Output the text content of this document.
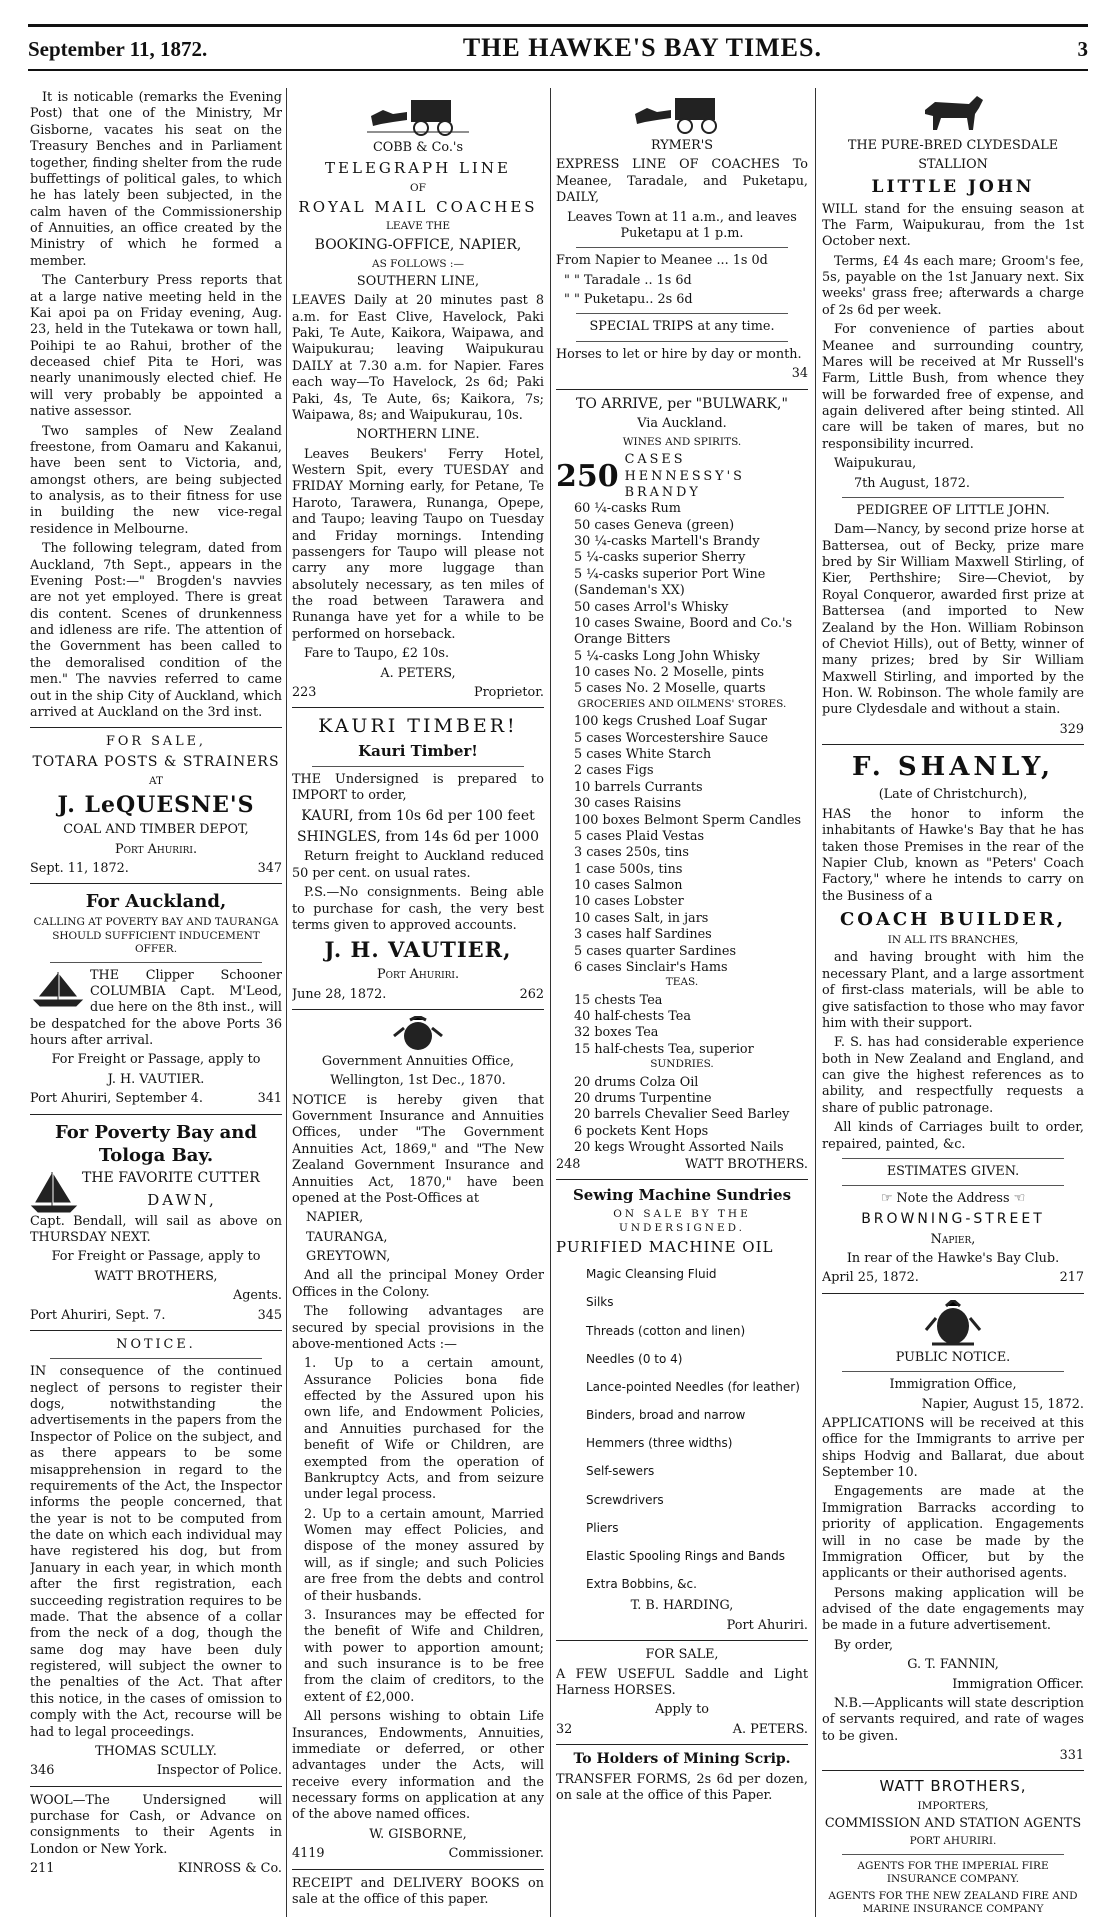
September 11, 1872.	THE HAWKE'S BAY TIMES.	3

It is noticable (remarks the Evening Post) that one of the Ministry, Mr Gisborne, vacates his seat on the Treasury Benches and in Parliament together, finding shelter from the rude buffettings of political gales, to which he has lately been subjected, in the calm haven of the Commissionership of Annuities, an office created by the Ministry of which he formed a member.

The Canterbury Press reports that at a large native meeting held in the Kai apoi pa on Friday evening, Aug. 23, held in the Tutekawa or town hall, Poihipi te ao Rahui, brother of the deceased chief Pita te Hori, was nearly unanimously elected chief. He will very probably be appointed a native assessor.

Two samples of New Zealand freestone, from Oamaru and Kakanui, have been sent to Victoria, and, amongst others, are being subjected to analysis, as to their fitness for use in building the new vice-regal residence in Melbourne.

The following telegram, dated from Auckland, 7th Sept., appears in the Evening Post:—" Brogden's navvies are not yet employed. There is great dis content. Scenes of drunkenness and idleness are rife. The attention of the Government has been called to the demoralised condition of the men." The navvies referred to came out in the ship City of Auckland, which arrived at Auckland on the 3rd inst.

FOR SALE,

TOTARA POSTS & STRAINERS

AT

J. LeQUESNE'S

COAL AND TIMBER DEPOT,

Port Ahuriri.

Sept. 11, 1872.	347

For Auckland,

CALLING AT POVERTY BAY AND TAURANGA SHOULD SUFFICIENT INDUCEMENT OFFER.

THE Clipper Schooner COLUMBIA Capt. M'Leod, due here on the 8th inst., will be despatched for the above Ports 36 hours after arrival.

For Freight or Passage, apply to

J. H. VAUTIER.

Port Ahuriri, September 4.	341

For Poverty Bay and Tologa Bay.

THE FAVORITE CUTTER

DAWN,

Capt. Bendall, will sail as above on THURSDAY NEXT.

For Freight or Passage, apply to

WATT BROTHERS,

Agents.

Port Ahuriri, Sept. 7.	345

NOTICE.

IN consequence of the continued neglect of persons to register their dogs, notwithstanding the advertisements in the papers from the Inspector of Police on the subject, and as there appears to be some misapprehension in regard to the requirements of the Act, the Inspector informs the people concerned, that the year is not to be computed from the date on which each individual may have registered his dog, but from January in each year, in which month after the first registration, each succeeding registration requires to be made. That the absence of a collar from the neck of a dog, though the same dog may have been duly registered, will subject the owner to the penalties of the Act. That after this notice, in the cases of omission to comply with the Act, recourse will be had to legal proceedings.

THOMAS SCULLY.

346	Inspector of Police.

WOOL—The Undersigned will purchase for Cash, or Advance on consignments to their Agents in London or New York.

211	KINROSS & Co.

COBB & Co.'s

TELEGRAPH LINE

OF

ROYAL MAIL COACHES

LEAVE THE

BOOKING-OFFICE, NAPIER,

AS FOLLOWS :—

SOUTHERN LINE,

LEAVES Daily at 20 minutes past 8 a.m. for East Clive, Havelock, Paki Paki, Te Aute, Kaikora, Waipawa, and Waipukurau; leaving Waipukurau DAILY at 7.30 a.m. for Napier. Fares each way—To Havelock, 2s 6d; Paki Paki, 4s, Te Aute, 6s; Kaikora, 7s; Waipawa, 8s; and Waipukurau, 10s.

NORTHERN LINE.

Leaves Beukers' Ferry Hotel, Western Spit, every TUESDAY and FRIDAY Morning early, for Petane, Te Haroto, Tarawera, Runanga, Opepe, and Taupo; leaving Taupo on Tuesday and Friday mornings. Intending passengers for Taupo will please not carry any more luggage than absolutely necessary, as ten miles of the road between Tarawera and Runanga have yet for a while to be performed on horseback.

Fare to Taupo, £2 10s.

A. PETERS,

223	Proprietor.

KAURI TIMBER!

Kauri Timber!

THE Undersigned is prepared to IMPORT to order,

KAURI, from 10s 6d per 100 feet

SHINGLES, from 14s 6d per 1000

Return freight to Auckland reduced 50 per cent. on usual rates.

P.S.—No consignments. Being able to purchase for cash, the very best terms given to approved accounts.

J. H. VAUTIER,

Port Ahuriri.

June 28, 1872.	262

Government Annuities Office,

Wellington, 1st Dec., 1870.

NOTICE is hereby given that Government Insurance and Annuities Offices, under "The Government Annuities Act, 1869," and "The New Zealand Government Insurance and Annuities Act, 1870," have been opened at the Post-Offices at

NAPIER,

TAURANGA,

GREYTOWN,

And all the principal Money Order Offices in the Colony.

The following advantages are secured by special provisions in the above-mentioned Acts :—

1. Up to a certain amount, Assurance Policies bona fide effected by the Assured upon his own life, and Endowment Policies, and Annuities purchased for the benefit of Wife or Children, are exempted from the operation of Bankruptcy Acts, and from seizure under legal process.

2. Up to a certain amount, Married Women may effect Policies, and dispose of the money assured by will, as if single; and such Policies are free from the debts and control of their husbands.

3. Insurances may be effected for the benefit of Wife and Children, with power to apportion amount; and such insurance is to be free from the claim of creditors, to the extent of £2,000.

All persons wishing to obtain Life Insurances, Endowments, Annuities, immediate or deferred, or other advantages under the Acts, will receive every information and the necessary forms on application at any of the above named offices.

W. GISBORNE,

4119	Commissioner.

RECEIPT and DELIVERY BOOKS on sale at the office of this paper.

RYMER'S

EXPRESS LINE OF COACHES To Meanee, Taradale, and Puketapu, DAILY,

Leaves Town at 11 a.m., and leaves Puketapu at 1 p.m.

From Napier to Meanee ... 1s 0d

" " Taradale .. 1s 6d

" " Puketapu.. 2s 6d

SPECIAL TRIPS at any time.

Horses to let or hire by day or month.

34

TO ARRIVE, per "BULWARK,"

Via Auckland.

WINES AND SPIRITS.

250 CASES HENNESSY'S BRANDY
60 ¼-casks Rum
50 cases Geneva (green)
30 ¼-casks Martell's Brandy
5 ¼-casks superior Sherry
5 ¼-casks superior Port Wine (Sandeman's XX)
50 cases Arrol's Whisky
10 cases Swaine, Boord and Co.'s Orange Bitters
5 ¼-casks Long John Whisky
10 cases No. 2 Moselle, pints
5 cases No. 2 Moselle, quarts

GROCERIES AND OILMENS' STORES.

100 kegs Crushed Loaf Sugar
5 cases Worcestershire Sauce
5 cases White Starch
2 cases Figs
10 barrels Currants
30 cases Raisins
100 boxes Belmont Sperm Candles
5 cases Plaid Vestas
3 cases 250s, tins
1 case 500s, tins
10 cases Salmon
10 cases Lobster
10 cases Salt, in jars
3 cases half Sardines
5 cases quarter Sardines
6 cases Sinclair's Hams

TEAS.

15 chests Tea
40 half-chests Tea
32 boxes Tea
15 half-chests Tea, superior

SUNDRIES.

20 drums Colza Oil
20 drums Turpentine
20 barrels Chevalier Seed Barley
6 pockets Kent Hops
20 kegs Wrought Assorted Nails
248	WATT BROTHERS.

Sewing Machine Sundries

ON SALE BY THE UNDERSIGNED.

PURIFIED MACHINE OIL

Magic Cleansing Fluid
Silks
Threads (cotton and linen)
Needles (0 to 4)
Lance-pointed Needles (for leather)
Binders, broad and narrow
Hemmers (three widths)
Self-sewers
Screwdrivers
Pliers
Elastic Spooling Rings and Bands
Extra Bobbins, &c.

T. B. HARDING,

Port Ahuriri.

FOR SALE,

A FEW USEFUL Saddle and Light Harness HORSES.

Apply to

32	A. PETERS.

To Holders of Mining Scrip.

TRANSFER FORMS, 2s 6d per dozen, on sale at the office of this Paper.

THE PURE-BRED CLYDESDALE

STALLION

LITTLE JOHN

WILL stand for the ensuing season at The Farm, Waipukurau, from the 1st October next.

Terms, £4 4s each mare; Groom's fee, 5s, payable on the 1st January next. Six weeks' grass free; afterwards a charge of 2s 6d per week.

For convenience of parties about Meanee and surrounding country, Mares will be received at Mr Russell's Farm, Little Bush, from whence they will be forwarded free of expense, and again delivered after being stinted. All care will be taken of mares, but no responsibility incurred.

Waipukurau,

7th August, 1872.

PEDIGREE OF LITTLE JOHN.

Dam—Nancy, by second prize horse at Battersea, out of Becky, prize mare bred by Sir William Maxwell Stirling, of Kier, Perthshire; Sire—Cheviot, by Royal Conqueror, awarded first prize at Battersea (and imported to New Zealand by the Hon. William Robinson of Cheviot Hills), out of Betty, winner of many prizes; bred by Sir William Maxwell Stirling, and imported by the Hon. W. Robinson. The whole family are pure Clydesdale and without a stain.

329

F. SHANLY,

(Late of Christchurch),

HAS the honor to inform the inhabitants of Hawke's Bay that he has taken those Premises in the rear of the Napier Club, known as "Peters' Coach Factory," where he intends to carry on the Business of a

COACH BUILDER,

IN ALL ITS BRANCHES,

and having brought with him the necessary Plant, and a large assortment of first-class materials, will be able to give satisfaction to those who may favor him with their support.

F. S. has had considerable experience both in New Zealand and England, and can give the highest references as to ability, and respectfully requests a share of public patronage.

All kinds of Carriages built to order, repaired, painted, &c.

ESTIMATES GIVEN.

☞ Note the Address ☜

BROWNING-STREET

Napier,

In rear of the Hawke's Bay Club.

April 25, 1872.	217

PUBLIC NOTICE.

Immigration Office,

Napier, August 15, 1872.

APPLICATIONS will be received at this office for the Immigrants to arrive per ships Hodvig and Ballarat, due about September 10.

Engagements are made at the Immigration Barracks according to priority of application. Engagements will in no case be made by the Immigration Officer, but by the applicants or their authorised agents.

Persons making application will be advised of the date engagements may be made in a future advertisement.

By order,

G. T. FANNIN,

Immigration Officer.

N.B.—Applicants will state description of servants required, and rate of wages to be given.

331

WATT BROTHERS,

IMPORTERS,

COMMISSION AND STATION AGENTS

PORT AHURIRI.

AGENTS FOR THE IMPERIAL FIRE INSURANCE COMPANY.

AGENTS FOR THE NEW ZEALAND FIRE AND MARINE INSURANCE COMPANY
